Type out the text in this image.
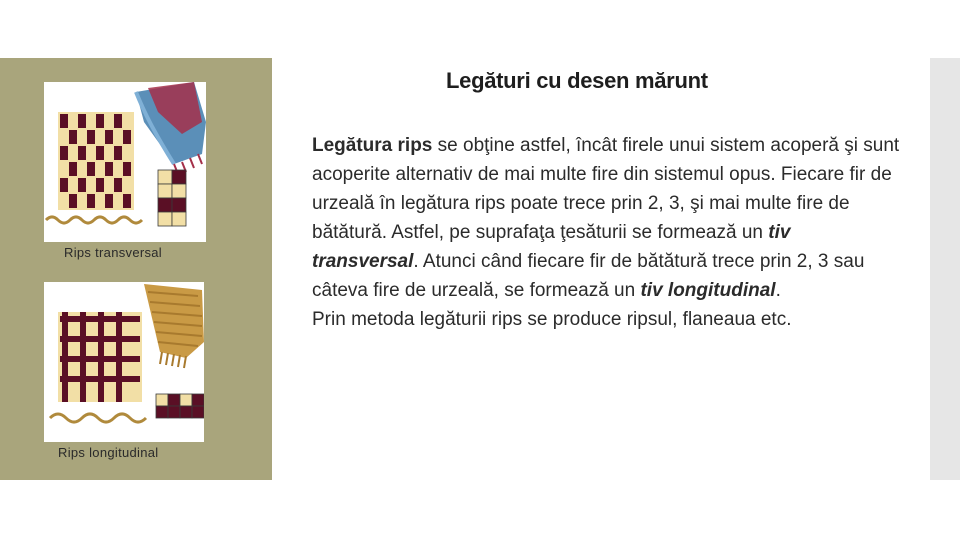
Rips transversal
Rips longitudinal
Legături cu desen mărunt

Legătura rips se obţine astfel, încât firele unui sistem acoperă şi sunt acoperite alternativ de mai multe fire din sistemul opus. Fiecare fir de urzeală în legătura rips poate trece prin 2, 3, şi mai multe fire de bătătură. Astfel, pe suprafaţa ţesăturii se formează un tiv transversal. Atunci când fiecare fir de bătătură trece prin 2, 3 sau câteva fire de urzeală, se formează un tiv longitudinal.

Prin metoda legăturii rips se produce ripsul, flaneaua etc.
